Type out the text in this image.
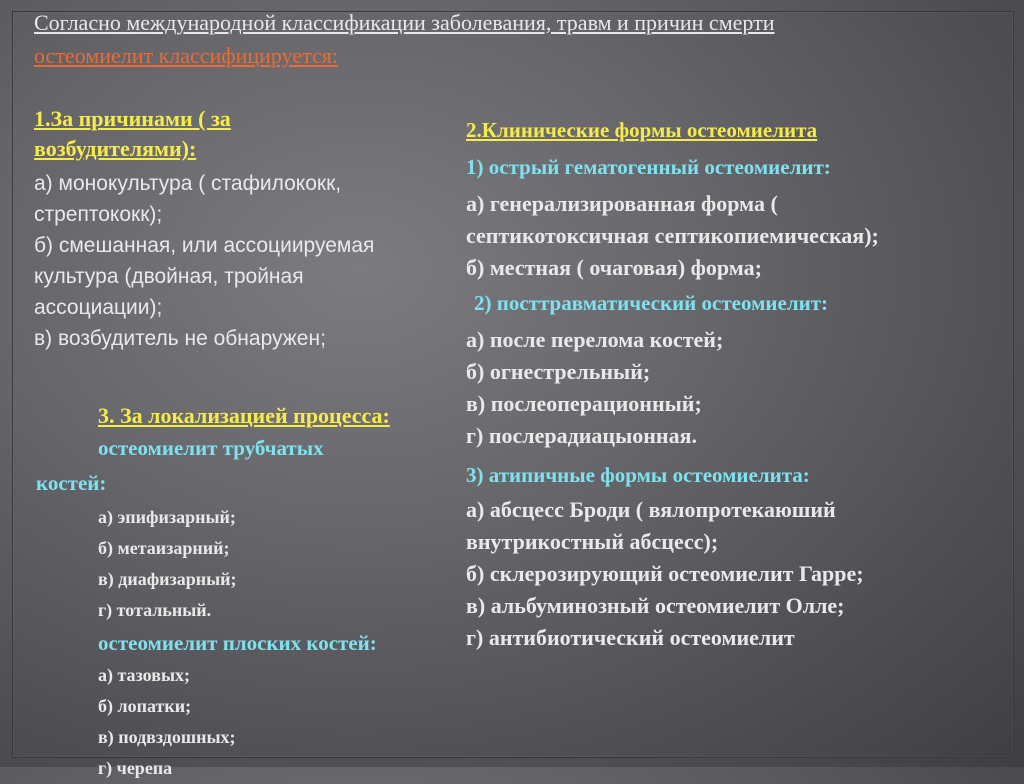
Согласно международной классификации заболевания, травм и причин смерти
остеомиелит классифицируется:
1.За причинами ( за
возбудителями):
а) монокультура ( стафилококк,
стрептококк);
б) смешанная, или ассоциируемая
культура (двойная, тройная
ассоциации);
в) возбудитель не обнаружен;
3. За локализацией процесса:
остеомиелит трубчатых
костей:
а) эпифизарный;
б) метаизарний;
в) диафизарный;
г) тотальный.
остеомиелит плоских костей:
а) тазовых;
б) лопатки;
в) подвздошных;
г) черепа
2.Клинические формы остеомиелита
1) острый гематогенный остеомиелит:
а) генерализированная форма (
септикотоксичная септикопиемическая);
б) местная ( очаговая) форма;
2) посттравматический остеомиелит:
а) после перелома костей;
б) огнестрельный;
в) послеоперационный;
г) послерадиацыонная.
3) атипичные формы остеомиелита:
а) абсцесс Броди ( вялопротекаюший
внутрикостный абсцесс);
б) склерозирующий остеомиелит Гарре;
в) альбуминозный остеомиелит Олле;
г) антибиотический остеомиелит
